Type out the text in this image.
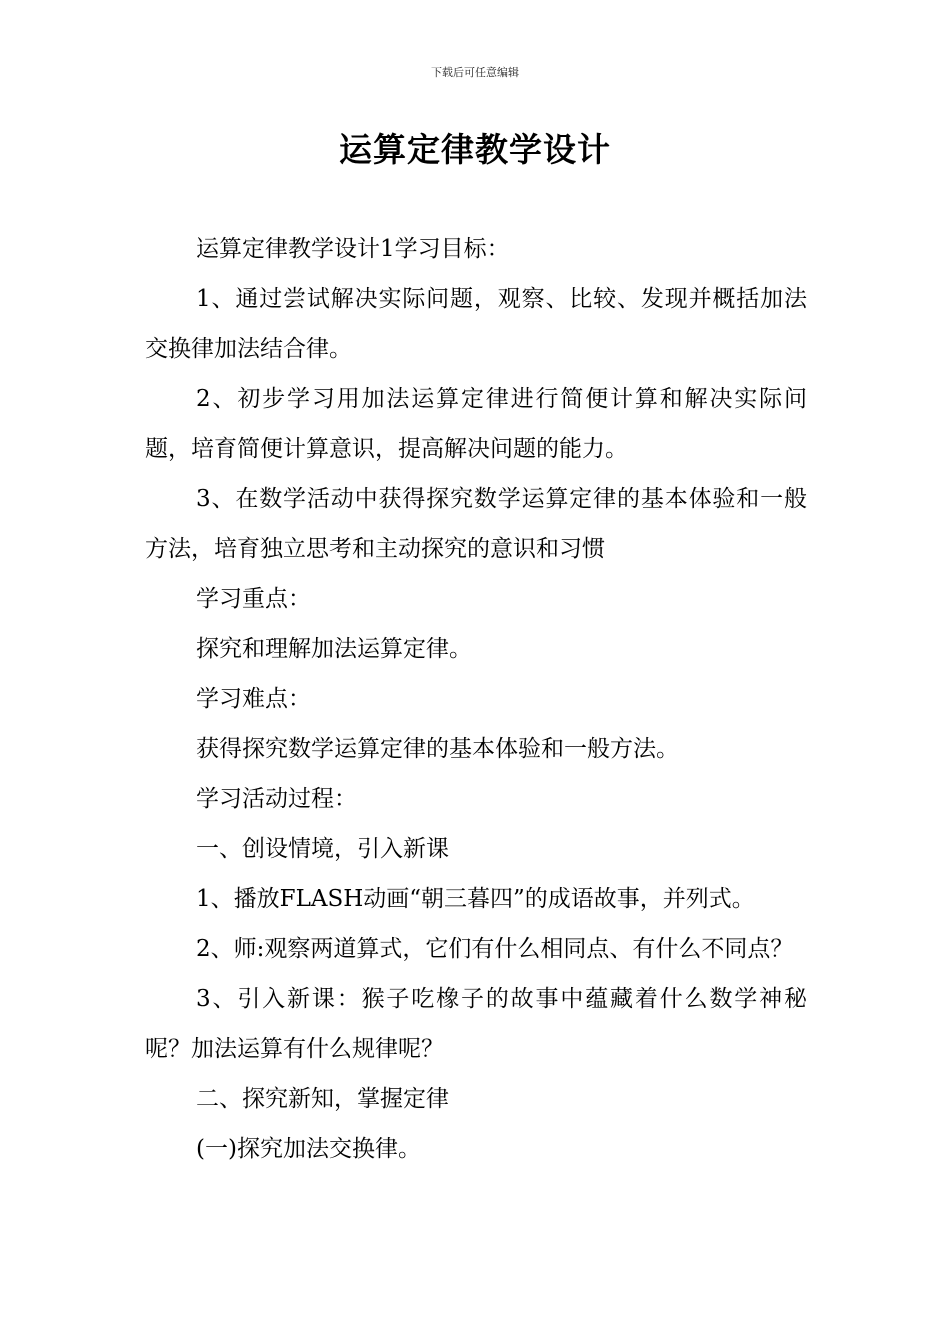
下载后可任意编辑
运算定律教学设计

运算定律教学设计1学习目标：

1、通过尝试解决实际问题，观察、比较、发现并概括加法交换律加法结合律。

2、初步学习用加法运算定律进行简便计算和解决实际问题，培育简便计算意识，提高解决问题的能力。

3、在数学活动中获得探究数学运算定律的基本体验和一般方法，培育独立思考和主动探究的意识和习惯

学习重点：

探究和理解加法运算定律。

学习难点：

获得探究数学运算定律的基本体验和一般方法。

学习活动过程：

一、创设情境，引入新课

1、播放FLASH动画“朝三暮四”的成语故事，并列式。

2、师:观察两道算式，它们有什么相同点、有什么不同点？

3、引入新课：猴子吃橡子的故事中蕴藏着什么数学神秘呢？加法运算有什么规律呢？

二、探究新知，掌握定律

(一)探究加法交换律。
